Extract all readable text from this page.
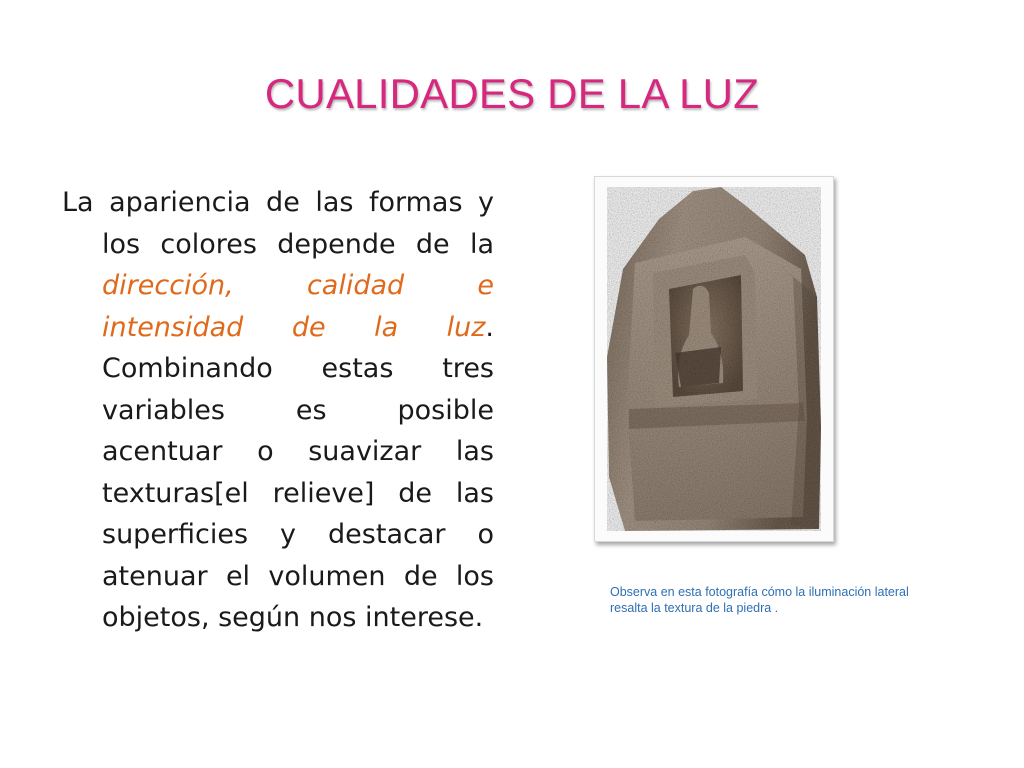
CUALIDADES DE LA LUZ

La apariencia de las formas y los colores depende de la dirección, calidad e intensidad de la luz. Combinando estas tres variables es posible acentuar o suavizar las texturas[el relieve] de las superficies y destacar o atenuar el volumen de los objetos, según nos interese.

Observa en esta fotografía cómo la iluminación lateral resalta la textura de la piedra .
